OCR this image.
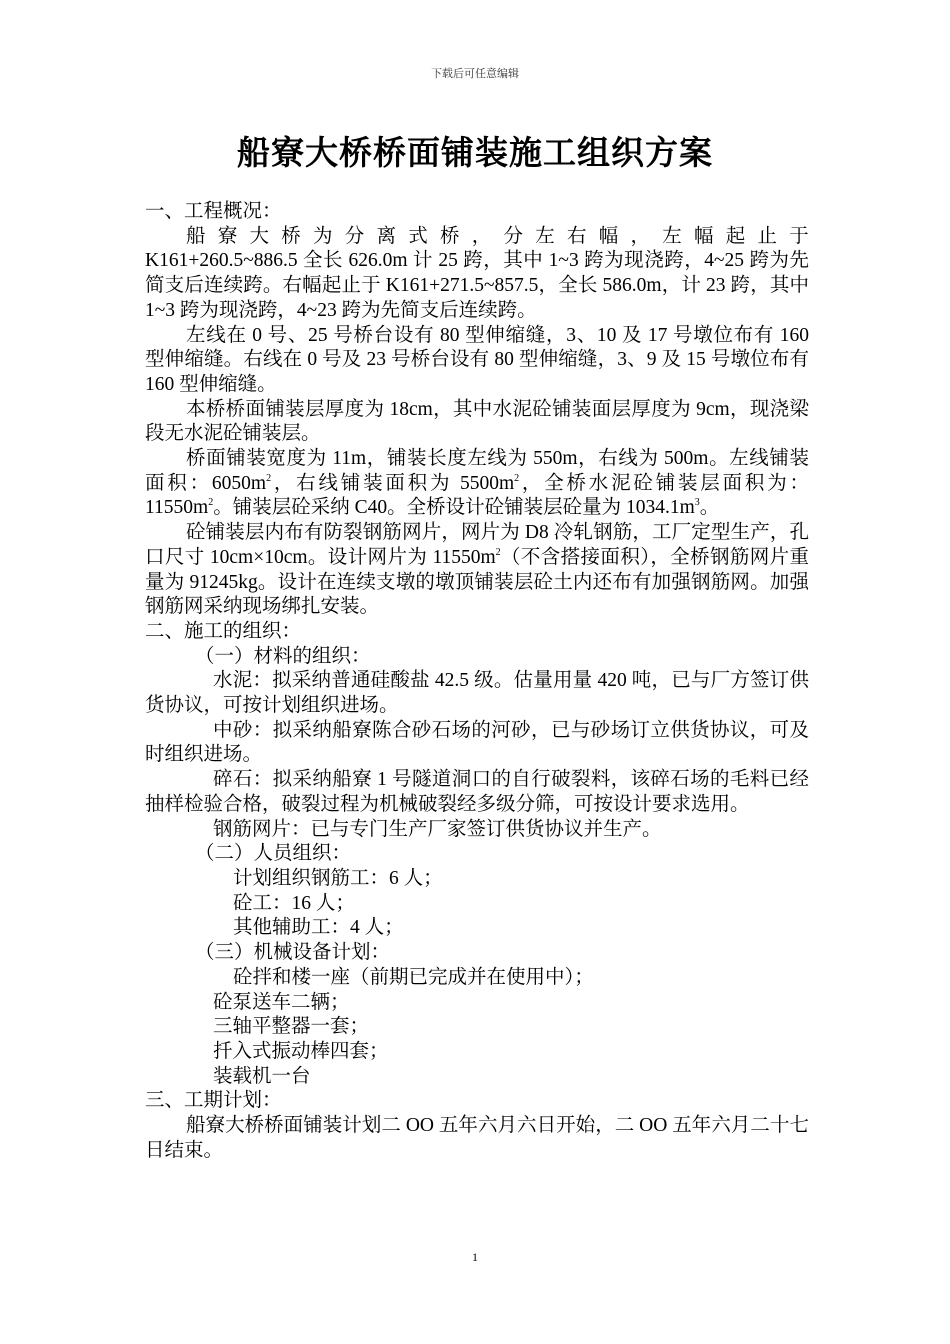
下载后可任意编辑
船寮大桥桥面铺装施工组织方案

一、工程概况：

船寮大桥为分离式桥，分左右幅，左幅起止于

K161+260.5~886.5 全长 626.0m 计 25 跨，其中 1~3 跨为现浇跨，4~25 跨为先简支后连续跨。右幅起止于 K161+271.5~857.5，全长 586.0m，计 23 跨，其中 1~3 跨为现浇跨，4~23 跨为先简支后连续跨。

左线在 0 号、25 号桥台设有 80 型伸缩缝，3、10 及 17 号墩位布有 160 型伸缩缝。右线在 0 号及 23 号桥台设有 80 型伸缩缝，3、9 及 15 号墩位布有 160 型伸缩缝。

本桥桥面铺装层厚度为 18cm，其中水泥砼铺装面层厚度为 9cm，现浇梁段无水泥砼铺装层。

桥面铺装宽度为 11m，铺装长度左线为 550m，右线为 500m。左线铺装面积：$6050m^2$，右线铺装面积为 $5500m^2$，全桥水泥砼铺装层面积为：$11550m^2$。铺装层砼采纳 C40。全桥设计砼铺装层砼量为 $1034.1m^3$。

砼铺装层内布有防裂钢筋网片，网片为 D8 冷轧钢筋，工厂定型生产，孔口尺寸 10cm×10cm。设计网片为 $11550m^2$（不含搭接面积），全桥钢筋网片重量为 91245kg。设计在连续支墩的墩顶铺装层砼土内还布有加强钢筋网。加强钢筋网采纳现场绑扎安装。

二、施工的组织：

（一）材料的组织：

水泥：拟采纳普通硅酸盐 42.5 级。估量用量 420 吨，已与厂方签订供货协议，可按计划组织进场。

中砂：拟采纳船寮陈合砂石场的河砂，已与砂场订立供货协议，可及时组织进场。

碎石：拟采纳船寮 1 号隧道洞口的自行破裂料，该碎石场的毛料已经抽样检验合格，破裂过程为机械破裂经多级分筛，可按设计要求选用。

钢筋网片：已与专门生产厂家签订供货协议并生产。

（二）人员组织：

计划组织钢筋工：6 人；

砼工：16 人；

其他辅助工：4 人；

（三）机械设备计划：

砼拌和楼一座（前期已完成并在使用中）；

砼泵送车二辆；

三轴平整器一套；

扦入式振动棒四套；

装载机一台

三、工期计划：

船寮大桥桥面铺装计划二 OO 五年六月六日开始，二 OO 五年六月二十七日结束。

1
